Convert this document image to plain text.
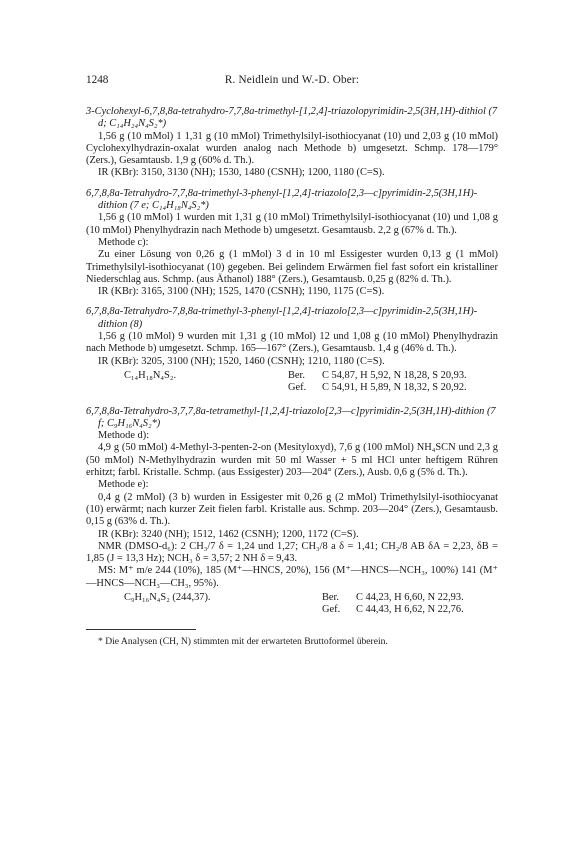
1248	R. Neidlein und W.-D. Ober:

3-Cyclohexyl-6,7,8,8a-tetrahydro-7,7,8a-trimethyl-[1,2,4]-triazolopyrimidin-2,5(3H,1H)-dithiol (7 d; C₁₄H₂₄N₄S₂*)

1,56 g (10 mMol) 1 1,31 g (10 mMol) Trimethylsilyl-isothiocyanat (10) und 2,03 g (10 mMol) Cyclohexylhydrazin-oxalat wurden analog nach Methode b) umgesetzt. Schmp. 178—179° (Zers.), Gesamtausb. 1,9 g (60% d. Th.).

IR (KBr): 3150, 3130 (NH); 1530, 1480 (CSNH); 1200, 1180 (C=S).

6,7,8,8a-Tetrahydro-7,7,8a-trimethyl-3-phenyl-[1,2,4]-triazolo[2,3—c]pyrimidin-2,5(3H,1H)-dithion (7 e; C₁₄H₁₈N₄S₂*)

1,56 g (10 mMol) 1 wurden mit 1,31 g (10 mMol) Trimethylsilyl-isothiocyanat (10) und 1,08 g (10 mMol) Phenylhydrazin nach Methode b) umgesetzt. Gesamtausb. 2,2 g (67% d. Th.).

Methode c):

Zu einer Lösung von 0,26 g (1 mMol) 3 d in 10 ml Essigester wurden 0,13 g (1 mMol) Trimethylsilyl-isothiocyanat (10) gegeben. Bei gelindem Erwärmen fiel fast sofort ein kristalliner Niederschlag aus. Schmp. (aus Äthanol) 188° (Zers.), Gesamtausb. 0,25 g (82% d. Th.).

IR (KBr): 3165, 3100 (NH); 1525, 1470 (CSNH); 1190, 1175 (C=S).

6,7,8,8a-Tetrahydro-7,8,8a-trimethyl-3-phenyl-[1,2,4]-triazolo[2,3—c]pyrimidin-2,5(3H,1H)-dithion (8)

1,56 g (10 mMol) 9 wurden mit 1,31 g (10 mMol) 12 und 1,08 g (10 mMol) Phenylhydrazin nach Methode b) umgesetzt. Schmp. 165—167° (Zers.), Gesamtausb. 1,4 g (46% d. Th.).

IR (KBr): 3205, 3100 (NH); 1520, 1460 (CSNH); 1210, 1180 (C=S).

C₁₄H₁₈N₄S₂.	Ber.	C 54,87, H 5,92, N 18,28, S 20,93.
Gef.	C 54,91, H 5,89, N 18,32, S 20,92.

6,7,8,8a-Tetrahydro-3,7,7,8a-tetramethyl-[1,2,4]-triazolo[2,3—c]pyrimidin-2,5(3H,1H)-dithion (7 f; C₉H₁₆N₄S₂*)

Methode d):

4,9 g (50 mMol) 4-Methyl-3-penten-2-on (Mesityloxyd), 7,6 g (100 mMol) NH₄SCN und 2,3 g (50 mMol) N-Methylhydrazin wurden mit 50 ml Wasser + 5 ml HCl unter heftigem Rühren erhitzt; farbl. Kristalle. Schmp. (aus Essigester) 203—204° (Zers.), Ausb. 0,6 g (5% d. Th.).

Methode e):

0,4 g (2 mMol) (3 b) wurden in Essigester mit 0,26 g (2 mMol) Trimethylsilyl-isothiocyanat (10) erwärmt; nach kurzer Zeit fielen farbl. Kristalle aus. Schmp. 203—204° (Zers.), Gesamtausb. 0,15 g (63% d. Th.).

IR (KBr): 3240 (NH); 1512, 1462 (CSNH); 1200, 1172 (C=S).

NMR (DMSO-d₆): 2 CH₃/7 δ = 1,24 und 1,27; CH₃/8 a δ = 1,41; CH₂/8 AB δA = 2,23, δB = 1,85 (J = 13,3 Hz); NCH₃ δ = 3,57; 2 NH δ = 9,43.

MS: M⁺ m/e 244 (10%), 185 (M⁺—HNCS, 20%), 156 (M⁺—HNCS—NCH₃, 100%) 141 (M⁺—HNCS—NCH₃—CH₃, 95%).

C₉H₁₆N₄S₂ (244,37).	Ber.	C 44,23, H 6,60, N 22,93.
Gef.	C 44,43, H 6,62, N 22,76.

* Die Analysen (CH, N) stimmten mit der erwarteten Bruttoformel überein.
